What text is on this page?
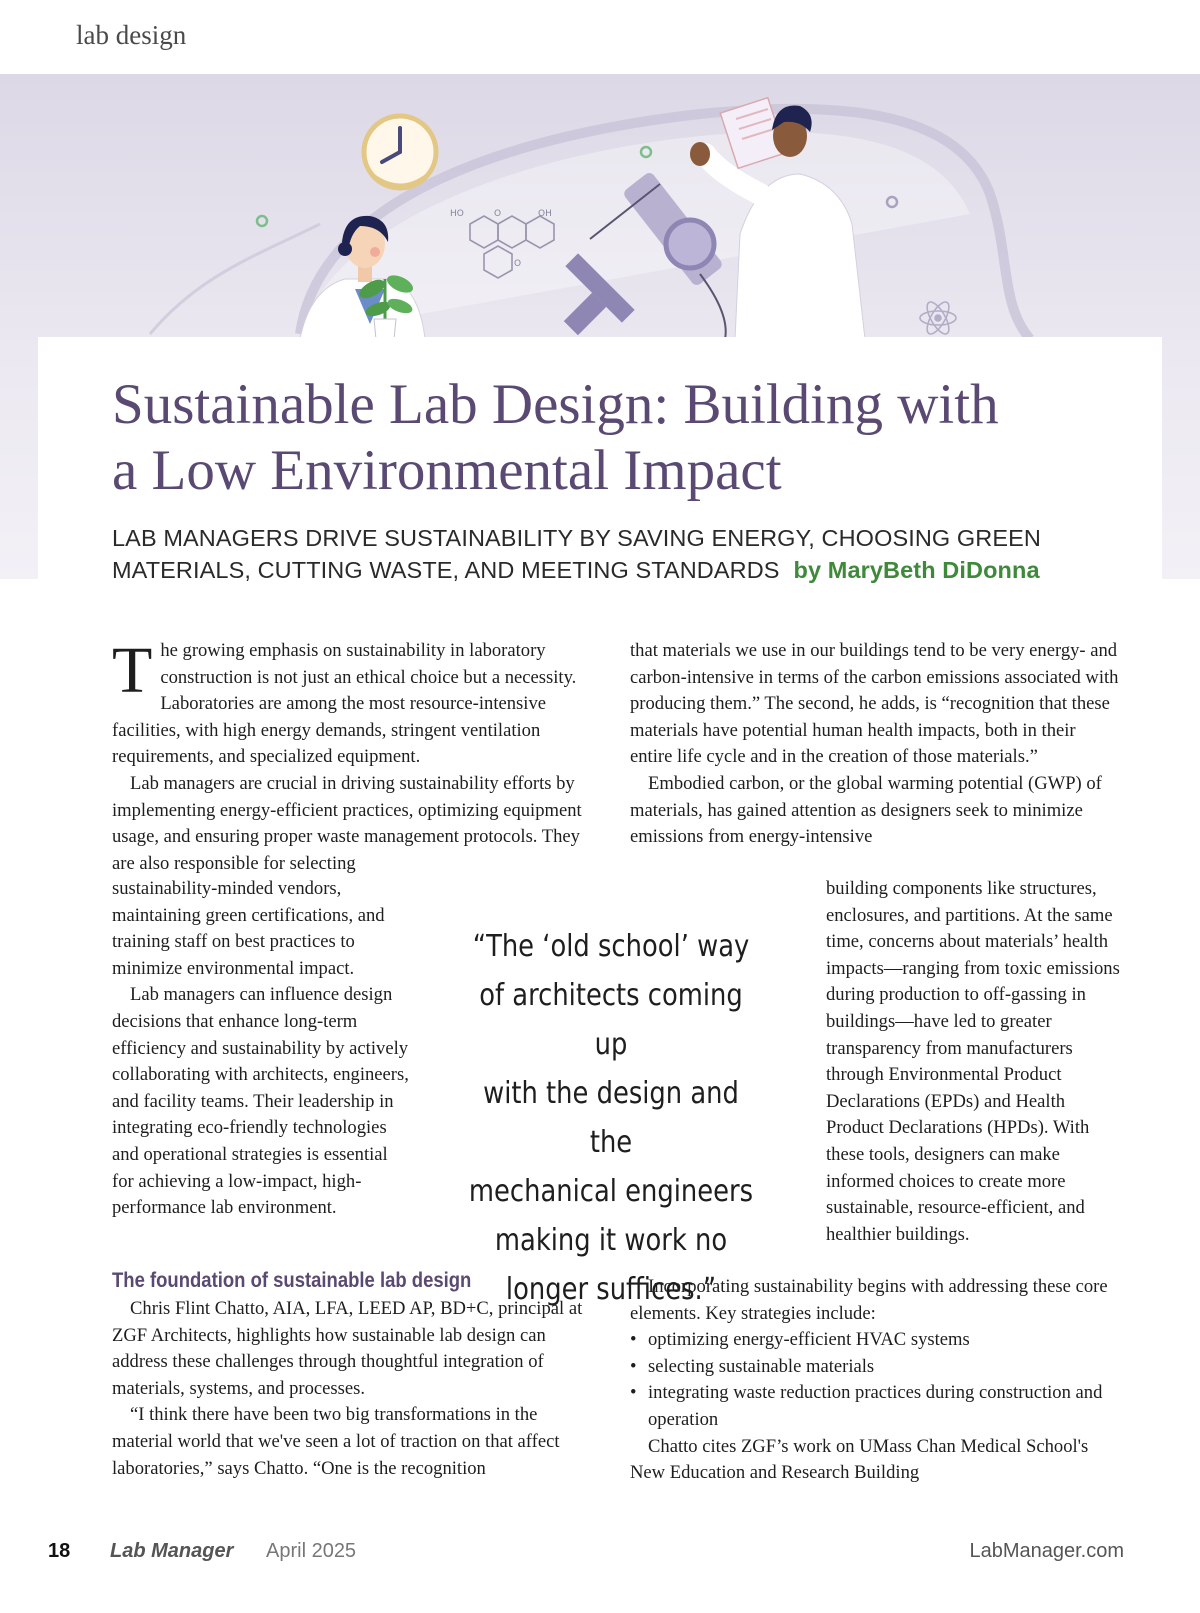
lab design
HO	OH
O
O
Sustainable Lab Design: Building with
a Low Environmental Impact

LAB MANAGERS DRIVE SUSTAINABILITY BY SAVING ENERGY, CHOOSING GREEN
MATERIALS, CUTTING WASTE, AND MEETING STANDARDS by MaryBeth DiDonna

The growing emphasis on sustainability in laboratory construction is not just an ethical choice but a necessity. Laboratories are among the most resource-intensive facilities, with high energy demands, stringent ventilation requirements, and specialized equipment.

Lab managers are crucial in driving sustainability efforts by implementing energy-efficient practices, optimizing equipment usage, and ensuring proper waste management protocols. They are also responsible for selecting

sustainability-minded vendors, maintaining green certifications, and training staff on best practices to minimize environmental impact.

Lab managers can influence design decisions that enhance long-term efficiency and sustainability by actively collaborating with architects, engineers, and facility teams. Their leadership in integrating eco-friendly technologies and operational strategies is essential for achieving a low-impact, high-performance lab environment.

The foundation of sustainable lab design

Chris Flint Chatto, AIA, LFA, LEED AP, BD+C, principal at ZGF Architects, highlights how sustainable lab design can address these challenges through thoughtful integration of materials, systems, and processes.

“I think there have been two big transformations in the material world that we've seen a lot of traction on that affect laboratories,” says Chatto. “One is the recognition

“The ‘old school’ way
of architects coming up
with the design and the
mechanical engineers
making it work no
longer suffices.”

that materials we use in our buildings tend to be very energy- and carbon-intensive in terms of the carbon emissions associated with producing them.” The second, he adds, is “recognition that these materials have potential human health impacts, both in their entire life cycle and in the creation of those materials.”

Embodied carbon, or the global warming potential (GWP) of materials, has gained attention as designers seek to minimize emissions from energy-intensive

building components like structures, enclosures, and partitions. At the same time, concerns about materials’ health impacts—ranging from toxic emissions during production to off-gassing in buildings—have led to greater transparency from manufacturers through Environmental Product Declarations (EPDs) and Health Product Declarations (HPDs). With these tools, designers can make informed choices to create more sustainable, resource-efficient, and healthier buildings.

Incorporating sustainability begins with addressing these core elements. Key strategies include:

• optimizing energy-efficient HVAC systems
• selecting sustainable materials
• integrating waste reduction practices during construction and operation

Chatto cites ZGF’s work on UMass Chan Medical School's New Education and Research Building

18 Lab Manager April 2025	LabManager.com
